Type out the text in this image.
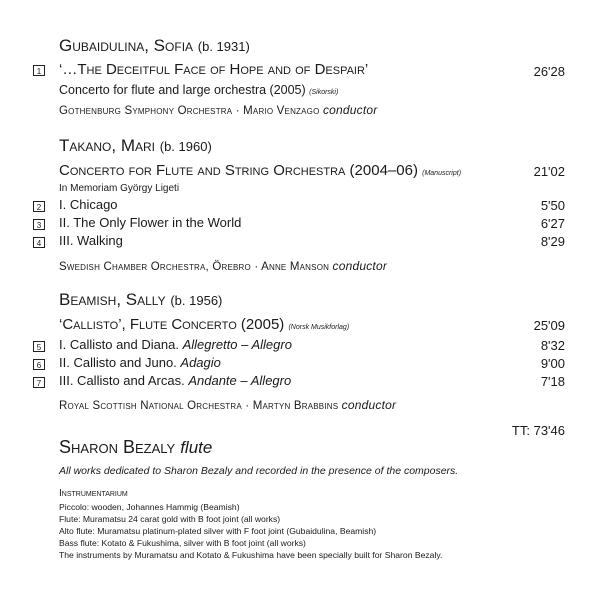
Gubaidulina, Sofia (b. 1931)
1 ‘…The Deceitful Face of Hope and of Despair’	26'28
Concerto for flute and large orchestra (2005) (Sikorski)
Gothenburg Symphony Orchestra · Mario Venzago conductor
Takano, Mari (b. 1960)
Concerto for Flute and String Orchestra (2004–06) (Manuscript)	21'02
In Memoriam György Ligeti
2 I. Chicago	5'50
3 II. The Only Flower in the World	6'27
4 III. Walking	8'29
Swedish Chamber Orchestra, Örebro · Anne Manson conductor
Beamish, Sally (b. 1956)
‘Callisto’, Flute Concerto (2005) (Norsk Musikforlag)	25'09
5 I. Callisto and Diana. Allegretto – Allegro	8'32
6 II. Callisto and Juno. Adagio	9'00
7 III. Callisto and Arcas. Andante – Allegro	7'18
Royal Scottish National Orchestra · Martyn Brabbins conductor
TT: 73'46
Sharon Bezaly flute
All works dedicated to Sharon Bezaly and recorded in the presence of the composers.
Instrumentarium
Piccolo: wooden, Johannes Hammig (Beamish)
Flute: Muramatsu 24 carat gold with B foot joint (all works)
Alto flute: Muramatsu platinum-plated silver with F foot joint (Gubaidulina, Beamish)
Bass flute: Kotato & Fukushima, silver with B foot joint (all works)
The instruments by Muramatsu and Kotato & Fukushima have been specially built for Sharon Bezaly.
